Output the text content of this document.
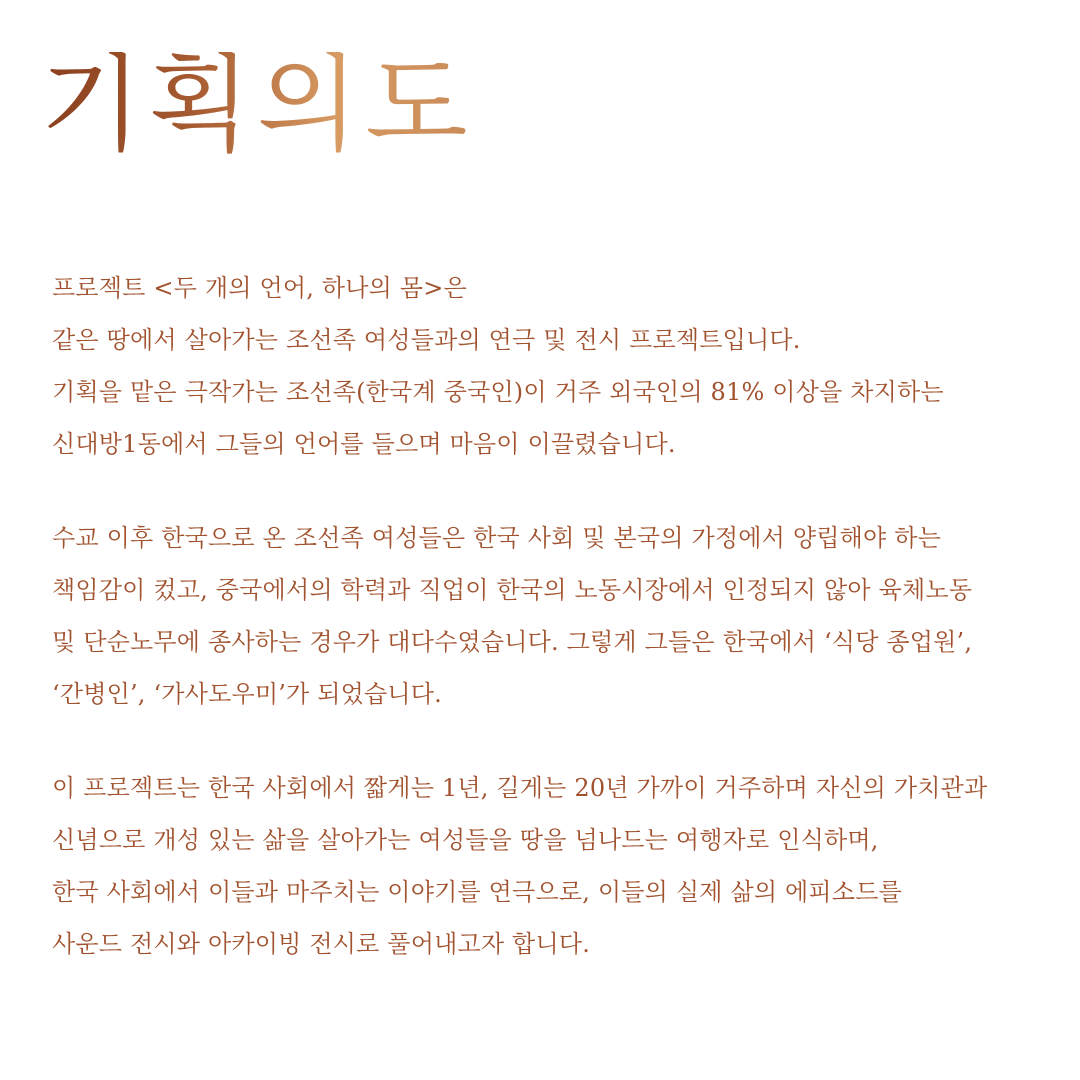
기획의도
프로젝트 <두 개의 언어, 하나의 몸>은
같은 땅에서 살아가는 조선족 여성들과의 연극 및 전시 프로젝트입니다.
기획을 맡은 극작가는 조선족(한국계 중국인)이 거주 외국인의 81% 이상을 차지하는
신대방1동에서 그들의 언어를 들으며 마음이 이끌렸습니다.
수교 이후 한국으로 온 조선족 여성들은 한국 사회 및 본국의 가정에서 양립해야 하는
책임감이 컸고, 중국에서의 학력과 직업이 한국의 노동시장에서 인정되지 않아 육체노동
및 단순노무에 종사하는 경우가 대다수였습니다. 그렇게 그들은 한국에서 ‘식당 종업원’,
‘간병인’, ‘가사도우미’가 되었습니다.
이 프로젝트는 한국 사회에서 짧게는 1년, 길게는 20년 가까이 거주하며 자신의 가치관과
신념으로 개성 있는 삶을 살아가는 여성들을 땅을 넘나드는 여행자로 인식하며,
한국 사회에서 이들과 마주치는 이야기를 연극으로, 이들의 실제 삶의 에피소드를
사운드 전시와 아카이빙 전시로 풀어내고자 합니다.
